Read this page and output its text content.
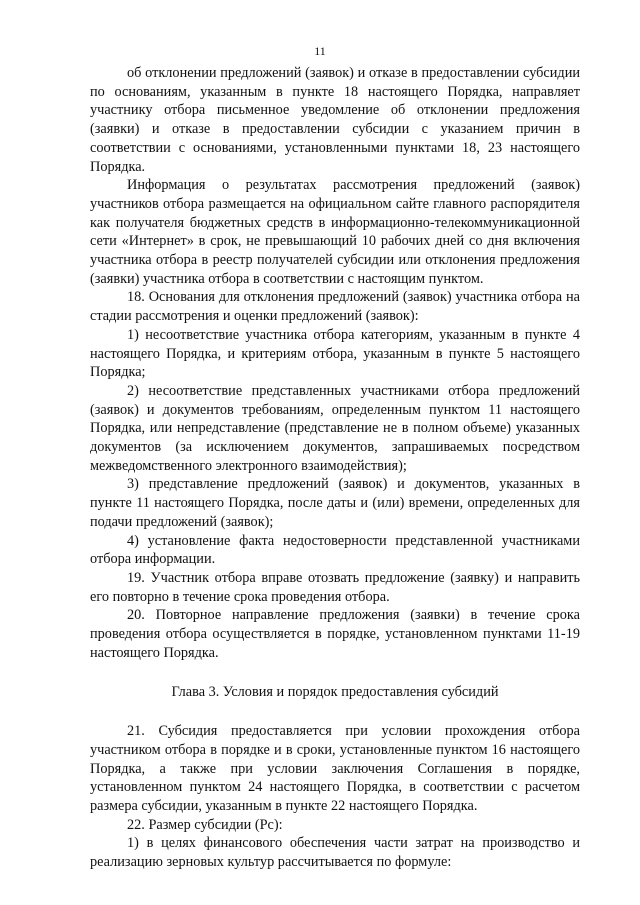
11

об отклонении предложений (заявок) и отказе в предоставлении субсидии по основаниям, указанным в пункте 18 настоящего Порядка, направляет участнику отбора письменное уведомление об отклонении предложения (заявки) и отказе в предоставлении субсидии с указанием причин в соответствии с основаниями, установленными пунктами 18, 23 настоящего Порядка.

Информация о результатах рассмотрения предложений (заявок) участников отбора размещается на официальном сайте главного распорядителя как получателя бюджетных средств в информационно-телекоммуникационной сети «Интернет» в срок, не превышающий 10 рабочих дней со дня включения участника отбора в реестр получателей субсидии или отклонения предложения (заявки) участника отбора в соответствии с настоящим пунктом.

18. Основания для отклонения предложений (заявок) участника отбора на стадии рассмотрения и оценки предложений (заявок):

1) несоответствие участника отбора категориям, указанным в пункте 4 настоящего Порядка, и критериям отбора, указанным в пункте 5 настоящего Порядка;

2) несоответствие представленных участниками отбора предложений (заявок) и документов требованиям, определенным пунктом 11 настоящего Порядка, или непредставление (представление не в полном объеме) указанных документов (за исключением документов, запрашиваемых посредством межведомственного электронного взаимодействия);

3) представление предложений (заявок) и документов, указанных в пункте 11 настоящего Порядка, после даты и (или) времени, определенных для подачи предложений (заявок);

4) установление факта недостоверности представленной участниками отбора информации.

19. Участник отбора вправе отозвать предложение (заявку) и направить его повторно в течение срока проведения отбора.

20. Повторное направление предложения (заявки) в течение срока проведения отбора осуществляется в порядке, установленном пунктами 11-19 настоящего Порядка.

Глава 3. Условия и порядок предоставления субсидий

21. Субсидия предоставляется при условии прохождения отбора участником отбора в порядке и в сроки, установленные пунктом 16 настоящего Порядка, а также при условии заключения Соглашения в порядке, установленном пунктом 24 настоящего Порядка, в соответствии с расчетом размера субсидии, указанным в пункте 22 настоящего Порядка.

22. Размер субсидии (Рс):

1) в целях финансового обеспечения части затрат на производство и реализацию зерновых культур рассчитывается по формуле:
